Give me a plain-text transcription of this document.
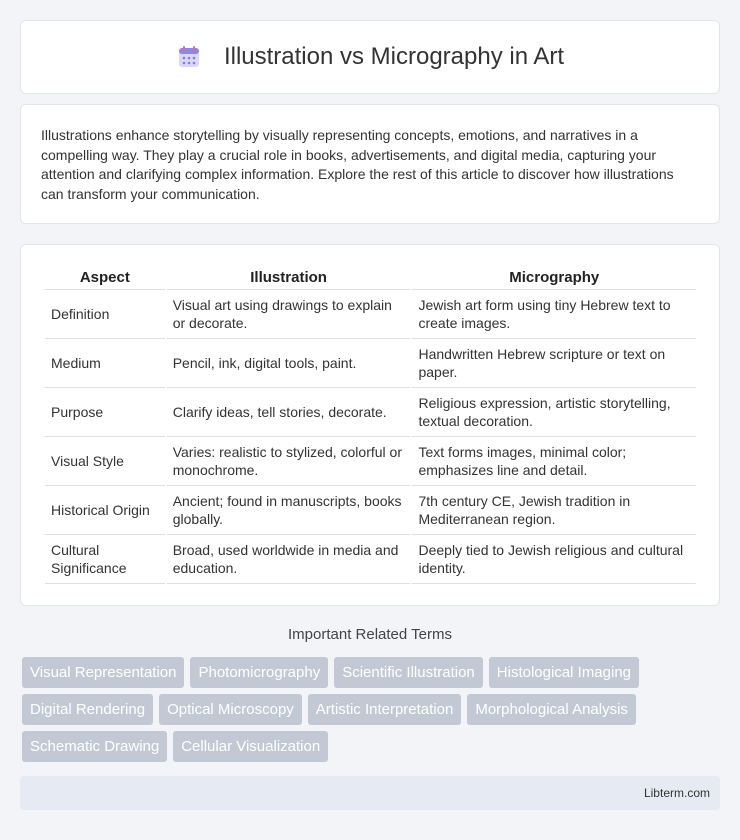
Illustration vs Micrography in Art

Illustrations enhance storytelling by visually representing concepts, emotions, and narratives in a compelling way. They play a crucial role in books, advertisements, and digital media, capturing your attention and clarifying complex information. Explore the rest of this article to discover how illustrations can transform your communication.

Aspect	Illustration	Micrography
Definition	Visual art using drawings to explain or decorate.	Jewish art form using tiny Hebrew text to create images.
Medium	Pencil, ink, digital tools, paint.	Handwritten Hebrew scripture or text on paper.
Purpose	Clarify ideas, tell stories, decorate.	Religious expression, artistic storytelling, textual decoration.
Visual Style	Varies: realistic to stylized, colorful or monochrome.	Text forms images, minimal color; emphasizes line and detail.
Historical Origin	Ancient; found in manuscripts, books globally.	7th century CE, Jewish tradition in Mediterranean region.
Cultural Significance	Broad, used worldwide in media and education.	Deeply tied to Jewish religious and cultural identity.
Important Related Terms
Visual Representation	Photomicrography	Scientific Illustration	Histological Imaging
Digital Rendering	Optical Microscopy	Artistic Interpretation	Morphological Analysis
Schematic Drawing	Cellular Visualization
Libterm.com
